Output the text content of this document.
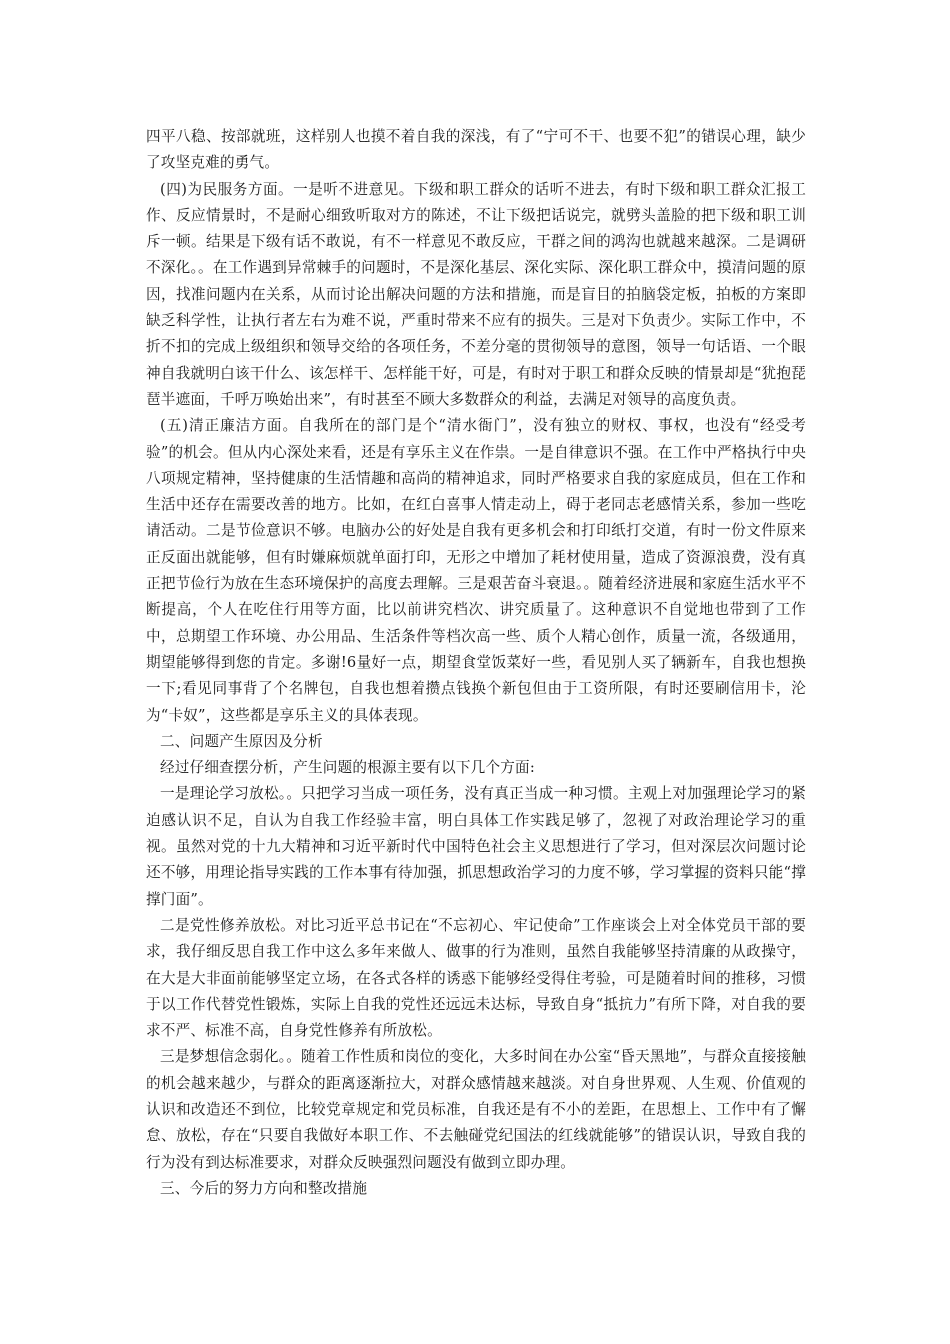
四平八稳、按部就班，这样别人也摸不着自我的深浅，有了“宁可不干、也要不犯”的错误心理，缺少了攻坚克难的勇气。

(四)为民服务方面。一是听不进意见。下级和职工群众的话听不进去，有时下级和职工群众汇报工作、反应情景时，不是耐心细致听取对方的陈述，不让下级把话说完，就劈头盖脸的把下级和职工训斥一顿。结果是下级有话不敢说，有不一样意见不敢反应，干群之间的鸿沟也就越来越深。二是调研不深化。。在工作遇到异常棘手的问题时，不是深化基层、深化实际、深化职工群众中，摸清问题的原因，找准问题内在关系，从而讨论出解决问题的方法和措施，而是盲目的拍脑袋定板，拍板的方案即缺乏科学性，让执行者左右为难不说，严重时带来不应有的损失。三是对下负责少。实际工作中，不折不扣的完成上级组织和领导交给的各项任务，不差分毫的贯彻领导的意图，领导一句话语、一个眼神自我就明白该干什么、该怎样干、怎样能干好，可是，有时对于职工和群众反映的情景却是“犹抱琵琶半遮面，千呼万唤始出来”，有时甚至不顾大多数群众的利益，去满足对领导的高度负责。

(五)清正廉洁方面。自我所在的部门是个“清水衙门”，没有独立的财权、事权，也没有“经受考验”的机会。但从内心深处来看，还是有享乐主义在作祟。一是自律意识不强。在工作中严格执行中央八项规定精神，坚持健康的生活情趣和高尚的精神追求，同时严格要求自我的家庭成员，但在工作和生活中还存在需要改善的地方。比如，在红白喜事人情走动上，碍于老同志老感情关系，参加一些吃请活动。二是节俭意识不够。电脑办公的好处是自我有更多机会和打印纸打交道，有时一份文件原来正反面出就能够，但有时嫌麻烦就单面打印，无形之中增加了耗材使用量，造成了资源浪费，没有真正把节俭行为放在生态环境保护的高度去理解。三是艰苦奋斗衰退。。随着经济进展和家庭生活水平不断提高，个人在吃住行用等方面，比以前讲究档次、讲究质量了。这种意识不自觉地也带到了工作中，总期望工作环境、办公用品、生活条件等档次高一些、质个人精心创作，质量一流，各级通用，期望能够得到您的肯定。多谢!6量好一点，期望食堂饭菜好一些，看见别人买了辆新车，自我也想换一下;看见同事背了个名牌包，自我也想着攒点钱换个新包但由于工资所限，有时还要刷信用卡，沦为“卡奴”，这些都是享乐主义的具体表现。

二、问题产生原因及分析

经过仔细查摆分析，产生问题的根源主要有以下几个方面:

一是理论学习放松。。只把学习当成一项任务，没有真正当成一种习惯。主观上对加强理论学习的紧迫感认识不足，自认为自我工作经验丰富，明白具体工作实践足够了，忽视了对政治理论学习的重视。虽然对党的十九大精神和习近平新时代中国特色社会主义思想进行了学习，但对深层次问题讨论还不够，用理论指导实践的工作本事有待加强，抓思想政治学习的力度不够，学习掌握的资料只能“撑撑门面”。

二是党性修养放松。对比习近平总书记在“不忘初心、牢记使命”工作座谈会上对全体党员干部的要求，我仔细反思自我工作中这么多年来做人、做事的行为准则，虽然自我能够坚持清廉的从政操守，在大是大非面前能够坚定立场，在各式各样的诱惑下能够经受得住考验，可是随着时间的推移，习惯于以工作代替党性锻炼，实际上自我的党性还远远未达标，导致自身“抵抗力”有所下降，对自我的要求不严、标准不高，自身党性修养有所放松。

三是梦想信念弱化。。随着工作性质和岗位的变化，大多时间在办公室“昏天黑地”，与群众直接接触的机会越来越少，与群众的距离逐渐拉大，对群众感情越来越淡。对自身世界观、人生观、价值观的认识和改造还不到位，比较党章规定和党员标准，自我还是有不小的差距，在思想上、工作中有了懈怠、放松，存在“只要自我做好本职工作、不去触碰党纪国法的红线就能够”的错误认识，导致自我的行为没有到达标准要求，对群众反映强烈问题没有做到立即办理。

三、今后的努力方向和整改措施
